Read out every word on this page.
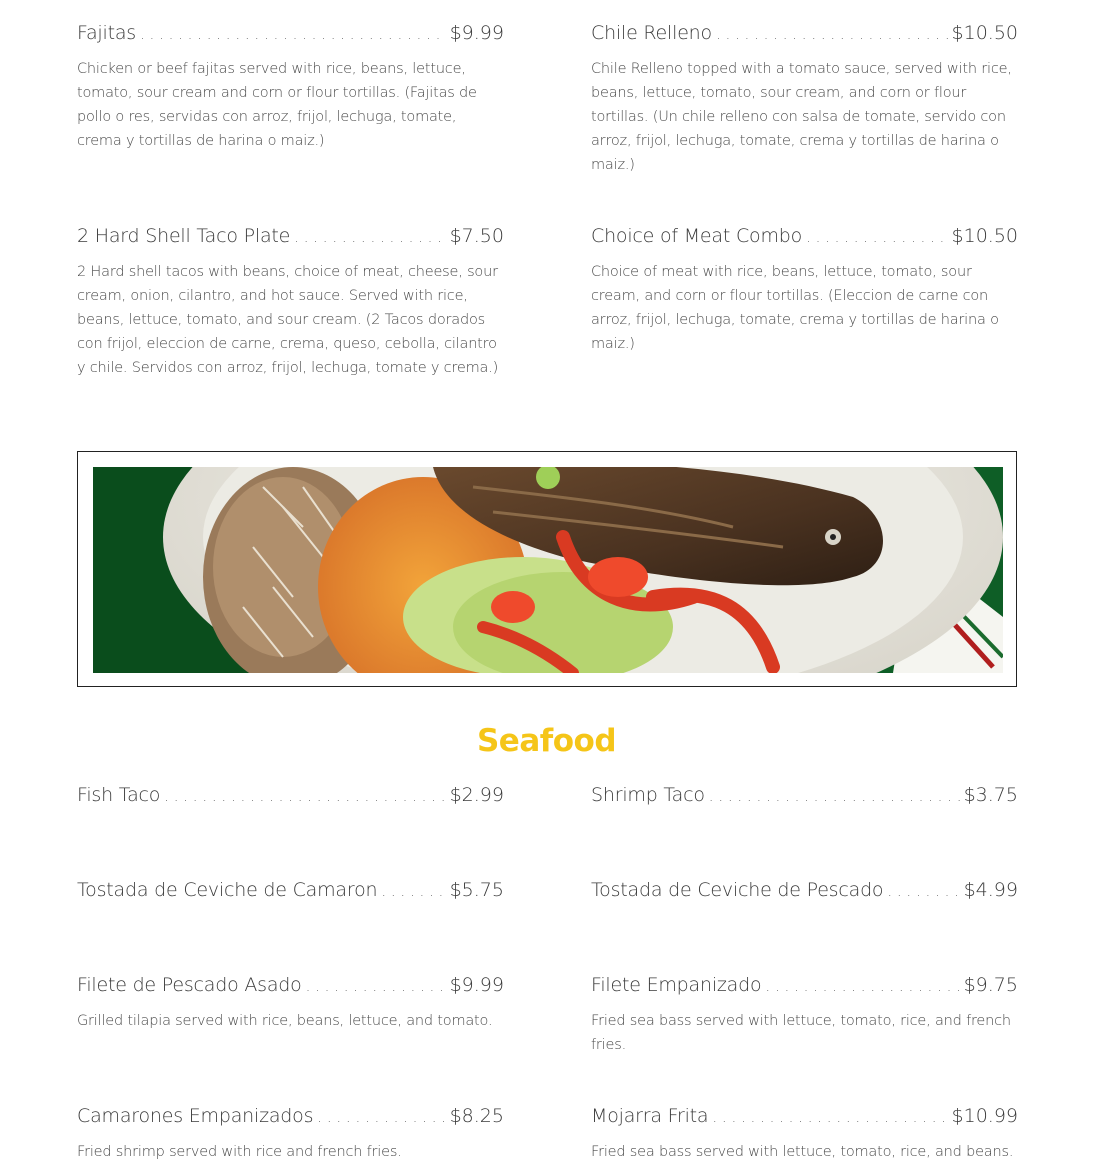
Fajitas . . .	$9.99
Chicken or beef fajitas served with rice, beans, lettuce, tomato, sour cream and corn or flour tortillas. (Fajitas de pollo o res, servidas con arroz, frijol, lechuga, tomate, crema y tortillas de harina o maiz.)
2 Hard Shell Taco Plate . . .	$7.50
2 Hard shell tacos with beans, choice of meat, cheese, sour cream, onion, cilantro, and hot sauce. Served with rice, beans, lettuce, tomato, and sour cream. (2 Tacos dorados con frijol, eleccion de carne, crema, queso, cebolla, cilantro y chile. Servidos con arroz, frijol, lechuga, tomate y crema.)
Chile Relleno . . .	$10.50
Chile Relleno topped with a tomato sauce, served with rice, beans, lettuce, tomato, sour cream, and corn or flour tortillas. (Un chile relleno con salsa de tomate, servido con arroz, frijol, lechuga, tomate, crema y tortillas de harina o maiz.)
Choice of Meat Combo . . .	$10.50
Choice of meat with rice, beans, lettuce, tomato, sour cream, and corn or flour tortillas. (Eleccion de carne con arroz, frijol, lechuga, tomate, crema y tortillas de harina o maiz.)
Seafood
Fish Taco . . .	$2.99
Tostada de Ceviche de Camaron . . .	$5.75
Filete de Pescado Asado . . .	$9.99
Grilled tilapia served with rice, beans, lettuce, and tomato.
Camarones Empanizados . . .	$8.25
Fried shrimp served with rice and french fries.
Shrimp Taco . . .	$3.75
Tostada de Ceviche de Pescado . . .	$4.99
Filete Empanizado . . .	$9.75
Fried sea bass served with lettuce, tomato, rice, and french fries.
Mojarra Frita . . .	$10.99
Fried sea bass served with lettuce, tomato, rice, and beans.
